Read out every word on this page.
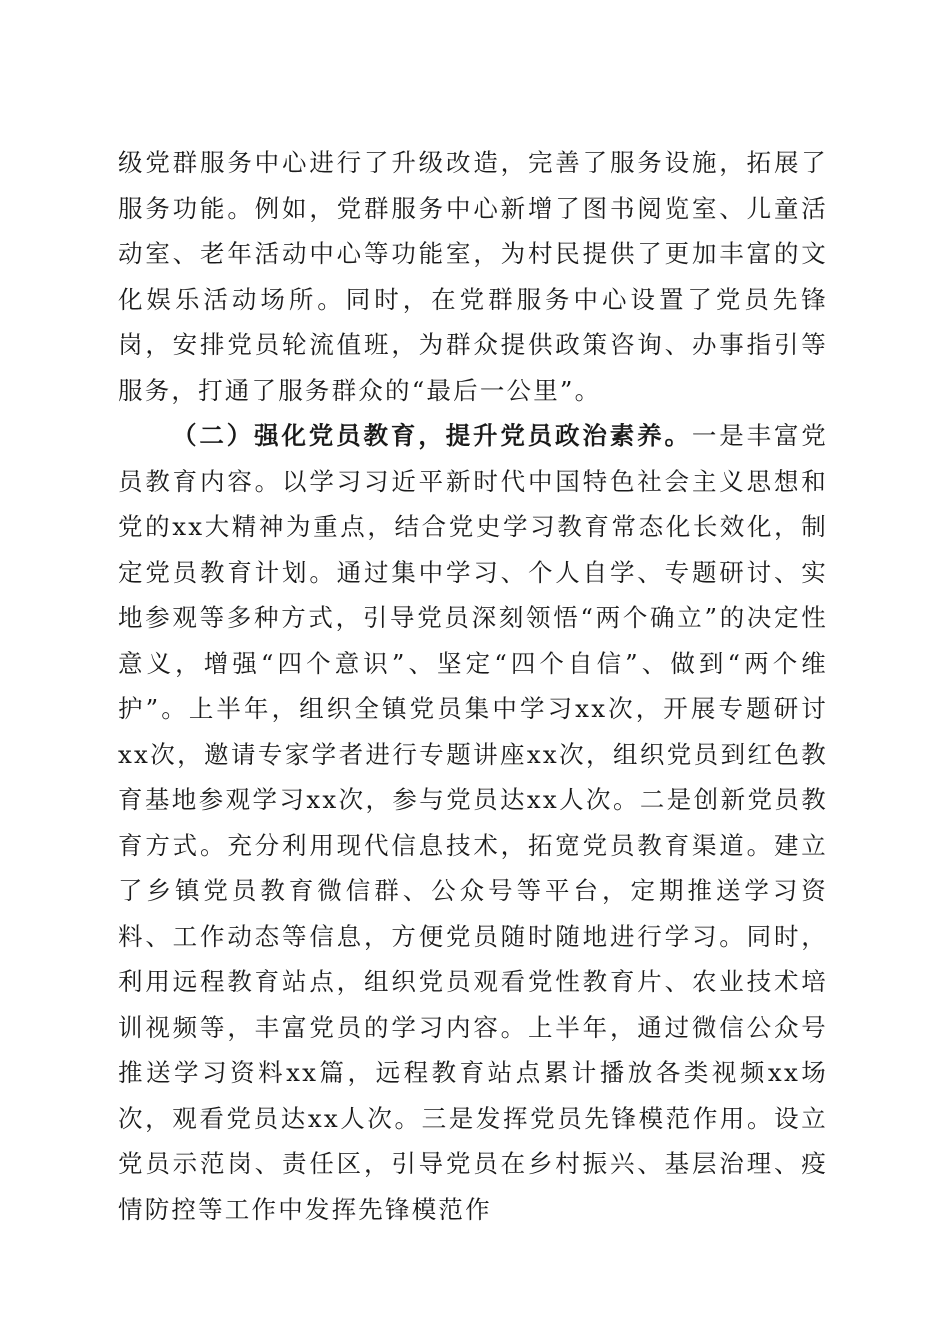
级党群服务中心进行了升级改造，完善了服务设施，拓展了服务功能。例如，党群服务中心新增了图书阅览室、儿童活动室、老年活动中心等功能室，为村民提供了更加丰富的文化娱乐活动场所。同时，在党群服务中心设置了党员先锋岗，安排党员轮流值班，为群众提供政策咨询、办事指引等服务，打通了服务群众的“最后一公里”。

（二）强化党员教育，提升党员政治素养。一是丰富党员教育内容。以学习习近平新时代中国特色社会主义思想和党的xx大精神为重点，结合党史学习教育常态化长效化，制定党员教育计划。通过集中学习、个人自学、专题研讨、实地参观等多种方式，引导党员深刻领悟“两个确立”的决定性意义，增强“四个意识”、坚定“四个自信”、做到“两个维护”。上半年，组织全镇党员集中学习xx次，开展专题研讨xx次，邀请专家学者进行专题讲座xx次，组织党员到红色教育基地参观学习xx次，参与党员达xx人次。二是创新党员教育方式。充分利用现代信息技术，拓宽党员教育渠道。建立了乡镇党员教育微信群、公众号等平台，定期推送学习资料、工作动态等信息，方便党员随时随地进行学习。同时，利用远程教育站点，组织党员观看党性教育片、农业技术培训视频等，丰富党员的学习内容。上半年，通过微信公众号推送学习资料xx篇，远程教育站点累计播放各类视频xx场次，观看党员达xx人次。三是发挥党员先锋模范作用。设立党员示范岗、责任区，引导党员在乡村振兴、基层治理、疫情防控等工作中发挥先锋模范作
